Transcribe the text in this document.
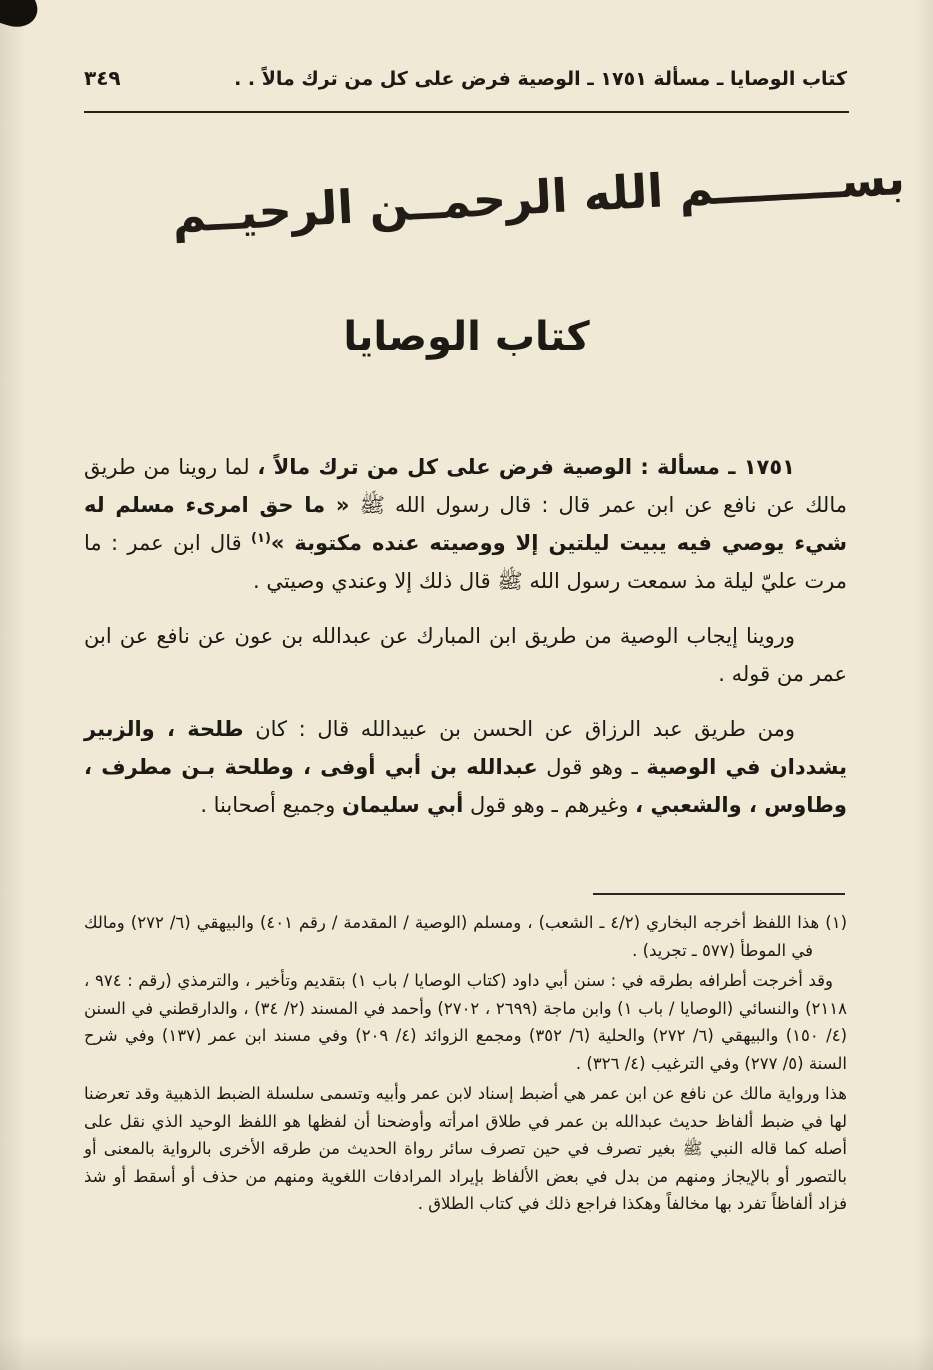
كتاب الوصايا ـ مسألة ١٧٥١ ـ الوصية فرض على كل من ترك مالاً . .
٣٤٩
بســــــــم الله الرحمــن الرحيــم
كتاب الوصايا

١٧٥١ ـ مسألة : الوصية فرض على كل من ترك مالاً ، لما روينا من طريق مالك عن نافع عن ابن عمر قال : قال رسول الله ﷺ « ما حق امرىء مسلم له شيء يوصي فيه يبيت ليلتين إلا ووصيته عنده مكتوبة »$^{(١)}$ قال ابن عمر : ما مرت عليّ ليلة مذ سمعت رسول الله ﷺ قال ذلك إلا وعندي وصيتي .

وروينا إيجاب الوصية من طريق ابن المبارك عن عبدالله بن عون عن نافع عن ابن عمر من قوله .

ومن طريق عبد الرزاق عن الحسن بن عبيدالله قال : كان طلحة ، والزبير يشددان في الوصية ـ وهو قول عبدالله بن أبي أوفى ، وطلحة بـن مطرف ، وطاوس ، والشعبي ، وغيرهم ـ وهو قول أبي سليمان وجميع أصحابنا .

(١) هذا اللفظ أخرجه البخاري (٤/٢ ـ الشعب) ، ومسلم (الوصية / المقدمة / رقم ٤٠١) والبيهقي (٦/ ٢٧٢) ومالك في الموطأ (٥٧٧ ـ تجريد) .

وقد أخرجت أطرافه بطرقه في : سنن أبي داود (كتاب الوصايا / باب ١) بتقديم وتأخير ، والترمذي (رقم : ٩٧٤ ، ٢١١٨) والنسائي (الوصايا / باب ١) وابن ماجة (٢٦٩٩ ، ٢٧٠٢) وأحمد في المسند (٢/ ٣٤) ، والدارقطني في السنن (٤/ ١٥٠) والبيهقي (٦/ ٢٧٢) والحلية (٦/ ٣٥٢) ومجمع الزوائد (٤/ ٢٠٩) وفي مسند ابن عمر (١٣٧) وفي شرح السنة (٥/ ٢٧٧) وفي الترغيب (٤/ ٣٢٦) .

هذا ورواية مالك عن نافع عن ابن عمر هي أضبط إسناد لابن عمر وأبيه وتسمى سلسلة الضبط الذهبية وقد تعرضنا لها في ضبط ألفاظ حديث عبدالله بن عمر في طلاق امرأته وأوضحنا أن لفظها هو اللفظ الوحيد الذي نقل على أصله كما قاله النبي ﷺ بغير تصرف في حين تصرف سائر رواة الحديث من طرقه الأخرى بالرواية بالمعنى أو بالتصور أو بالإيجاز ومنهم من بدل في بعض الألفاظ بإيراد المرادفات اللغوية ومنهم من حذف أو أسقط أو شذ فزاد ألفاظاً تفرد بها مخالفاً وهكذا فراجع ذلك في كتاب الطلاق .
